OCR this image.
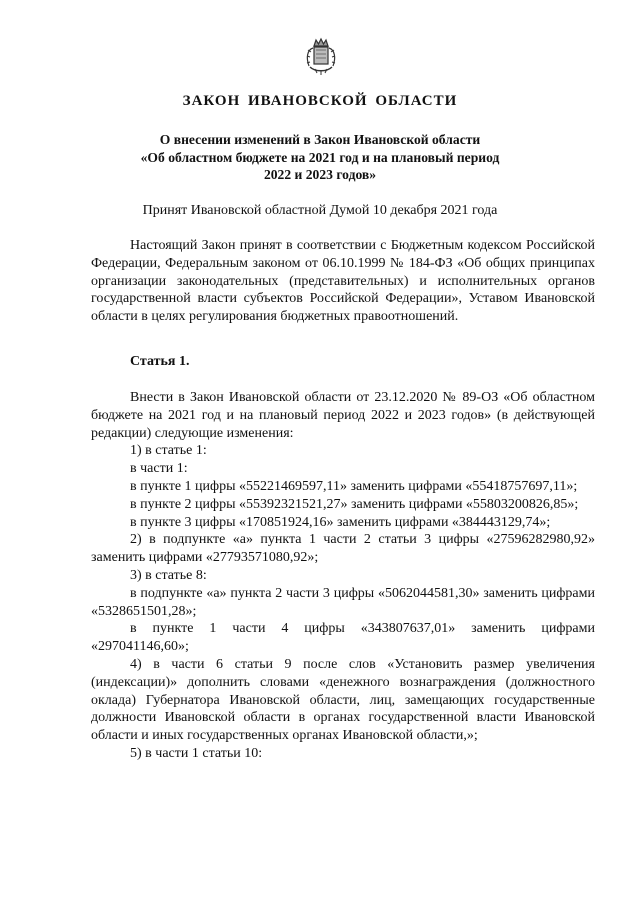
ЗАКОН ИВАНОВСКОЙ ОБЛАСТИ
О внесении изменений в Закон Ивановской области
«Об областном бюджете на 2021 год и на плановый период
2022 и 2023 годов»
Принят Ивановской областной Думой 10 декабря 2021 года

Настоящий Закон принят в соответствии с Бюджетным кодексом Российской Федерации, Федеральным законом от 06.10.1999 № 184-ФЗ «Об общих принципах организации законодательных (представительных) и исполнительных органов государственной власти субъектов Российской Федерации», Уставом Ивановской области в целях регулирования бюджетных правоотношений.

Статья 1.

Внести в Закон Ивановской области от 23.12.2020 № 89-ОЗ «Об областном бюджете на 2021 год и на плановый период 2022 и 2023 годов» (в действующей редакции) следующие изменения:

1) в статье 1:

в части 1:

в пункте 1 цифры «55221469597,11» заменить цифрами «55418757697,11»;

в пункте 2 цифры «55392321521,27» заменить цифрами «55803200826,85»;

в пункте 3 цифры «170851924,16» заменить цифрами «384443129,74»;

2) в подпункте «а» пункта 1 части 2 статьи 3 цифры «27596282980,92» заменить цифрами «27793571080,92»;

3) в статье 8:

в подпункте «а» пункта 2 части 3 цифры «5062044581,30» заменить цифрами «5328651501,28»;

в пункте 1 части 4 цифры «343807637,01» заменить цифрами «297041146,60»;

4) в части 6 статьи 9 после слов «Установить размер увеличения (индексации)» дополнить словами «денежного вознаграждения (должностного оклада) Губернатора Ивановской области, лиц, замещающих государственные должности Ивановской области в органах государственной власти Ивановской области и иных государственных органах Ивановской области,»;

5) в части 1 статьи 10:
